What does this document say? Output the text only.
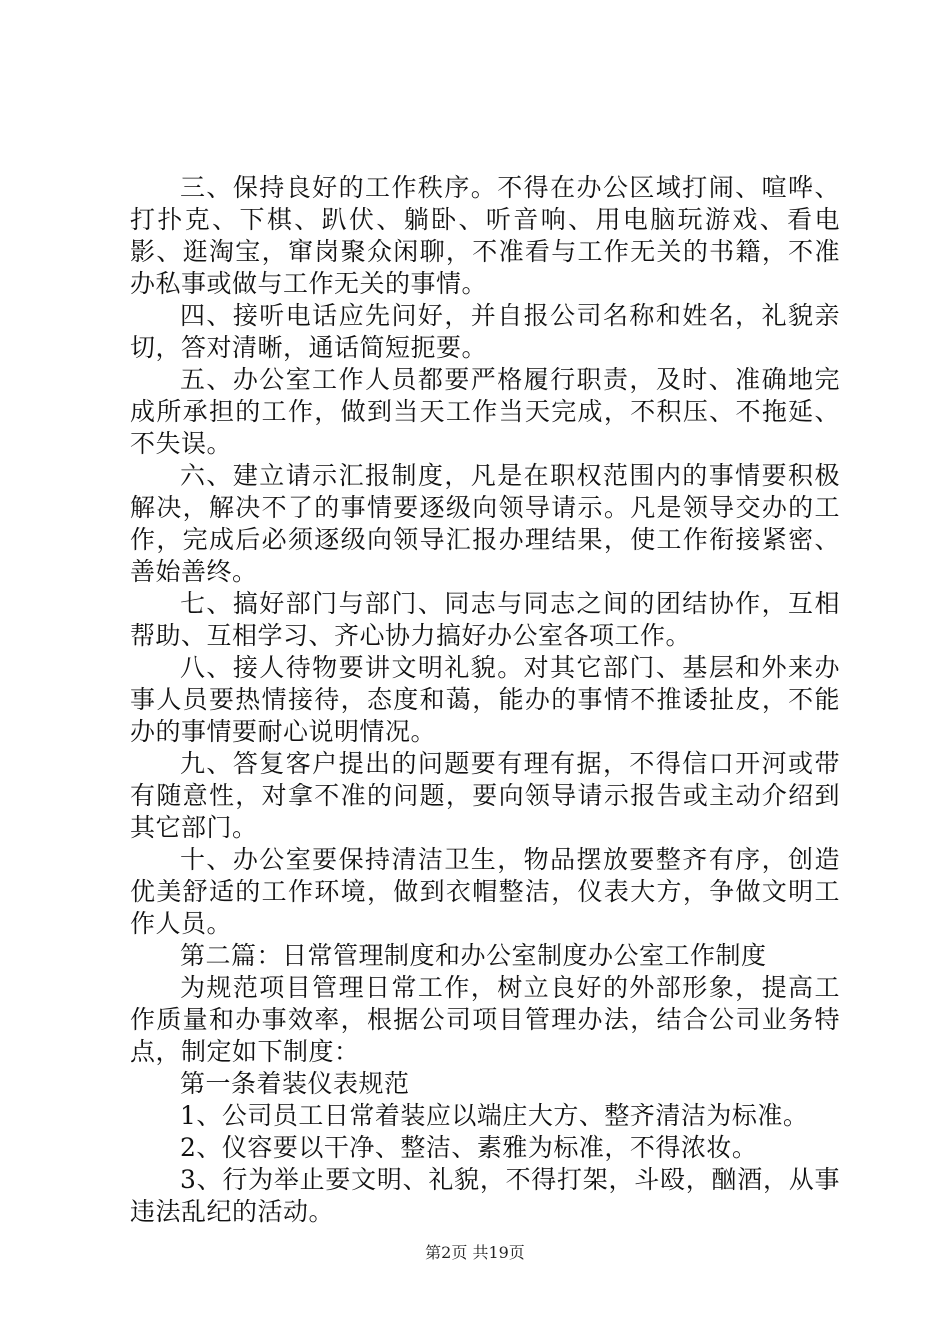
三、保持良好的工作秩序。不得在办公区域打闹、喧哗、打扑克、下棋、趴伏、躺卧、听音响、用电脑玩游戏、看电影、逛淘宝，窜岗聚众闲聊，不准看与工作无关的书籍，不准办私事或做与工作无关的事情。

四、接听电话应先问好，并自报公司名称和姓名，礼貌亲切，答对清晰，通话简短扼要。

五、办公室工作人员都要严格履行职责，及时、准确地完成所承担的工作，做到当天工作当天完成，不积压、不拖延、不失误。

六、建立请示汇报制度，凡是在职权范围内的事情要积极解决，解决不了的事情要逐级向领导请示。凡是领导交办的工作，完成后必须逐级向领导汇报办理结果，使工作衔接紧密、善始善终。

七、搞好部门与部门、同志与同志之间的团结协作，互相帮助、互相学习、齐心协力搞好办公室各项工作。

八、接人待物要讲文明礼貌。对其它部门、基层和外来办事人员要热情接待，态度和蔼，能办的事情不推诿扯皮，不能办的事情要耐心说明情况。

九、答复客户提出的问题要有理有据，不得信口开河或带有随意性，对拿不准的问题，要向领导请示报告或主动介绍到其它部门。

十、办公室要保持清洁卫生，物品摆放要整齐有序，创造优美舒适的工作环境，做到衣帽整洁，仪表大方，争做文明工作人员。

第二篇：日常管理制度和办公室制度办公室工作制度

为规范项目管理日常工作，树立良好的外部形象，提高工作质量和办事效率，根据公司项目管理办法，结合公司业务特点，制定如下制度：

第一条着装仪表规范

1、公司员工日常着装应以端庄大方、整齐清洁为标准。

2、仪容要以干净、整洁、素雅为标准，不得浓妆。

3、行为举止要文明、礼貌，不得打架，斗殴，酗酒，从事违法乱纪的活动。

第2页 共19页
